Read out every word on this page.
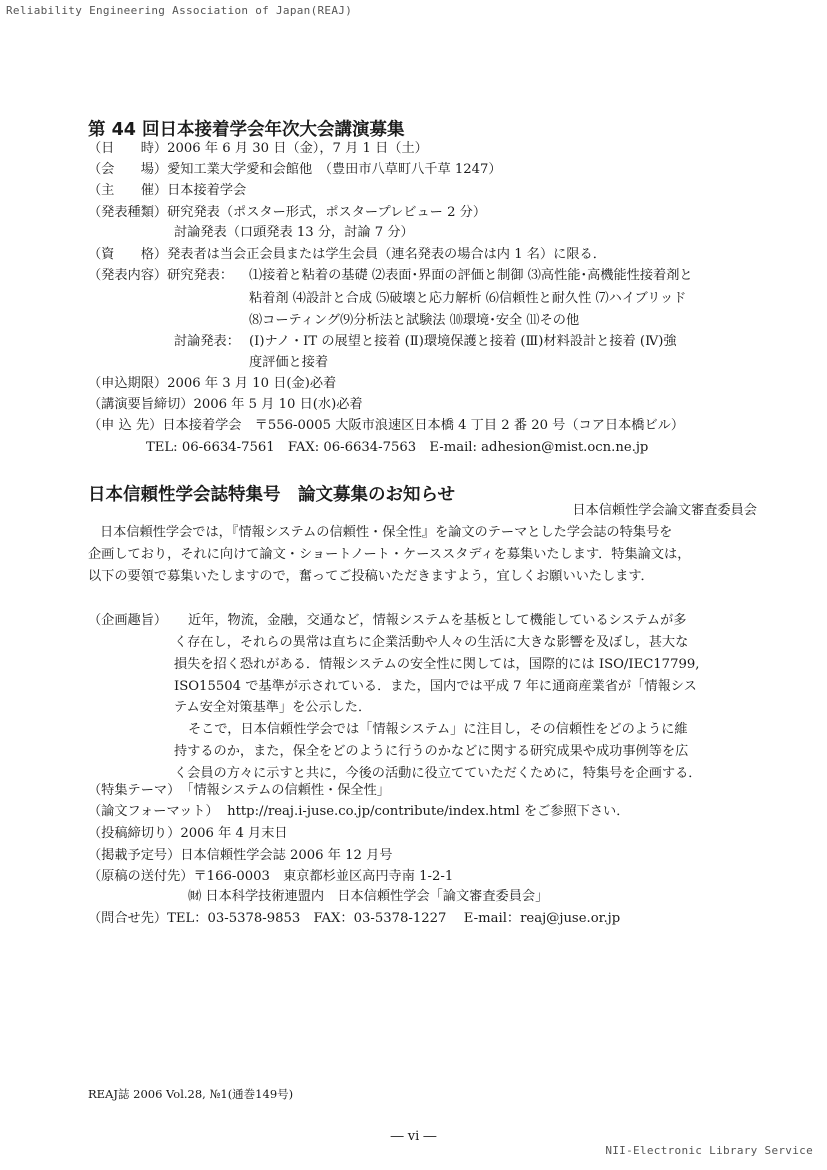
Reliability Engineering Association of Japan(REAJ)
第 44 回日本接着学会年次大会講演募集
（日　　時）2006 年 6 月 30 日（金），7 月 1 日（土）
（会　　場）愛知工業大学愛和会館他　（豊田市八草町八千草 1247）
（主　　催）日本接着学会
（発表種類）研究発表（ポスター形式，ポスタープレビュー 2 分）
討論発表（口頭発表 13 分，討論 7 分）
（資　　格）発表者は当会正会員または学生会員（連名発表の場合は内 1 名）に限る．
（発表内容）研究発表： ⑴接着と粘着の基礎 ⑵表面･界面の評価と制御 ⑶高性能･高機能性接着剤と
粘着剤 ⑷設計と合成 ⑸破壊と応力解析 ⑹信頼性と耐久性 ⑺ハイブリッド
⑻コーティング⑼分析法と試験法 ⑽環境･安全 ⑾その他
討論発表： (Ⅰ)ナノ・IT の展望と接着 (Ⅱ)環境保護と接着 (Ⅲ)材料設計と接着 (Ⅳ)強
度評価と接着
（申込期限）2006 年 3 月 10 日(金)必着
（講演要旨締切）2006 年 5 月 10 日(水)必着
（申 込 先）日本接着学会　〒556-0005 大阪市浪速区日本橋 4 丁目 2 番 20 号（コア日本橋ビル）
TEL: 06-6634-7561　FAX: 06-6634-7563　E-mail: adhesion@mist.ocn.ne.jp
日本信頼性学会誌特集号　論文募集のお知らせ
日本信頼性学会論文審査委員会
日本信頼性学会では，『情報システムの信頼性・保全性』を論文のテーマとした学会誌の特集号を
企画しており，それに向けて論文・ショートノート・ケーススタディを募集いたします．特集論文は，
以下の要領で募集いたしますので，奮ってご投稿いただきますよう，宜しくお願いいたします．
（企画趣旨） 近年，物流，金融，交通など，情報システムを基板として機能しているシステムが多
く存在し，それらの異常は直ちに企業活動や人々の生活に大きな影響を及ぼし，甚大な
損失を招く恐れがある．情報システムの安全性に関しては，国際的には ISO/IEC17799,
ISO15504 で基準が示されている．また，国内では平成 7 年に通商産業省が「情報シス
テム安全対策基準」を公示した．
そこで，日本信頼性学会では「情報システム」に注目し，その信頼性をどのように維
持するのか，また，保全をどのように行うのかなどに関する研究成果や成功事例等を広
く会員の方々に示すと共に，今後の活動に役立てていただくために，特集号を企画する．
（特集テーマ）「情報システムの信頼性・保全性」
（論文フォーマット） http://reaj.i-juse.co.jp/contribute/index.html をご参照下さい．
（投稿締切り）2006 年 4 月末日
（掲載予定号）日本信頼性学会誌 2006 年 12 月号
（原稿の送付先）〒166-0003　東京都杉並区高円寺南 1-2-1
㈶ 日本科学技術連盟内　日本信頼性学会「論文審査委員会」
（問合せ先）TEL：03-5378-9853　FAX：03-5378-1227　 E-mail：reaj@juse.or.jp
REAJ誌 2006 Vol.28, №1(通巻149号)
― vi ―
NII-Electronic Library Service
